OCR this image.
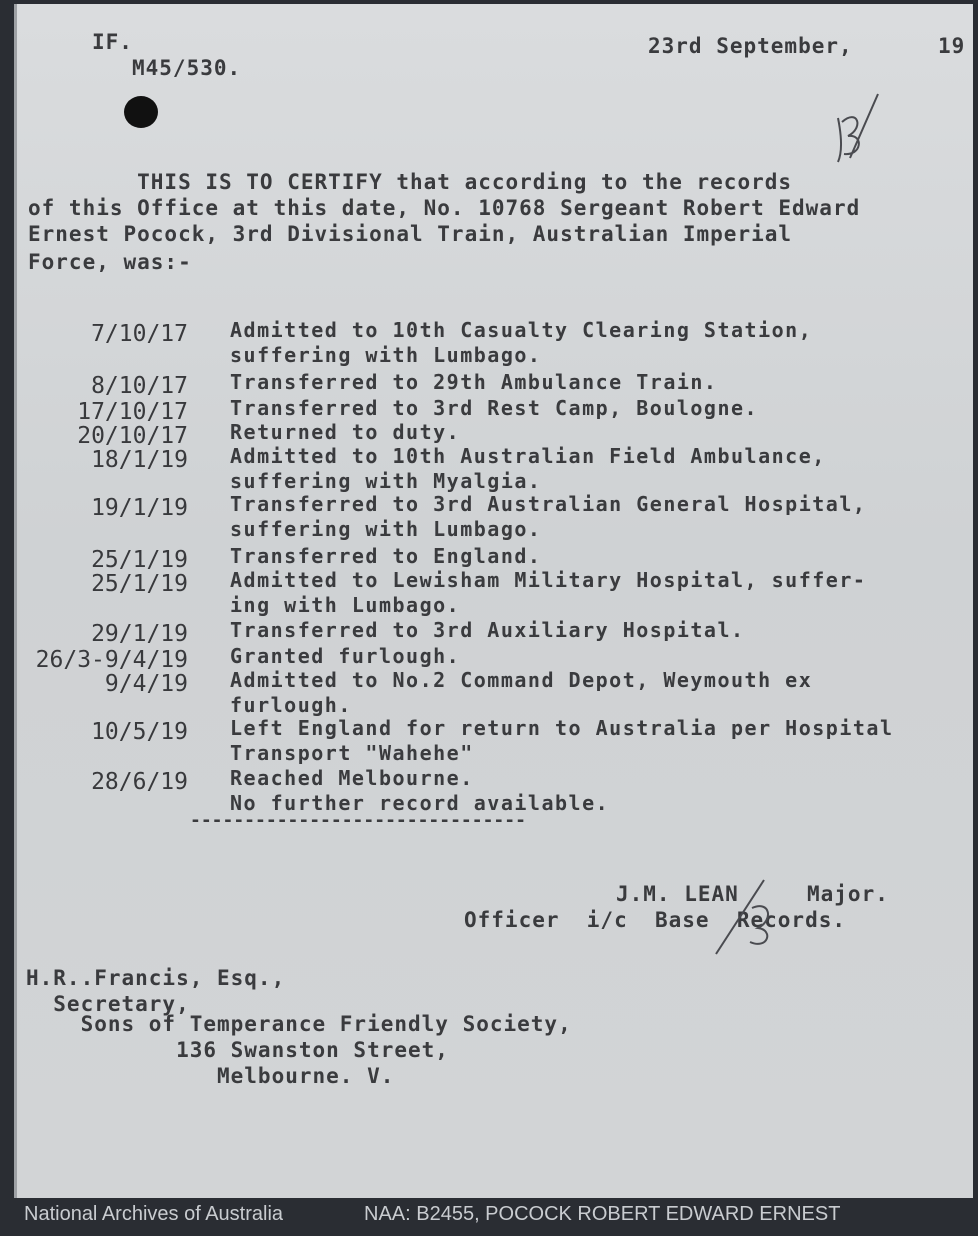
IF.
M45/530.
23rd September,	19
THIS IS TO CERTIFY that according to the records
of this Office at this date, No. 10768 Sergeant Robert Edward
Ernest Pocock, 3rd Divisional Train, Australian Imperial
Force, was:-
7/10/17 Admitted to 10th Casualty Clearing Station,
suffering with Lumbago.
8/10/17 Transferred to 29th Ambulance Train.
17/10/17 Transferred to 3rd Rest Camp, Boulogne.
20/10/17 Returned to duty.
18/1/19 Admitted to 10th Australian Field Ambulance,
suffering with Myalgia.
19/1/19 Transferred to 3rd Australian General Hospital,
suffering with Lumbago.
25/1/19 Transferred to England.
25/1/19 Admitted to Lewisham Military Hospital, suffer-
ing with Lumbago.
29/1/19 Transferred to 3rd Auxiliary Hospital.
26/3-9/4/19 Granted furlough.
9/4/19 Admitted to No.2 Command Depot, Weymouth ex
furlough.
10/5/19 Left England for return to Australia per Hospital
Transport "Wahehe"
28/6/19 Reached Melbourne.
No further record available.
-------------------------------
J.M. LEAN     Major.
Officer  i/c  Base  Records.
H.R..Francis, Esq.,
Secretary,
Sons of Temperance Friendly Society,
136 Swanston Street,
Melbourne. V.
National Archives of Australia	NAA: B2455, POCOCK ROBERT EDWARD ERNEST
